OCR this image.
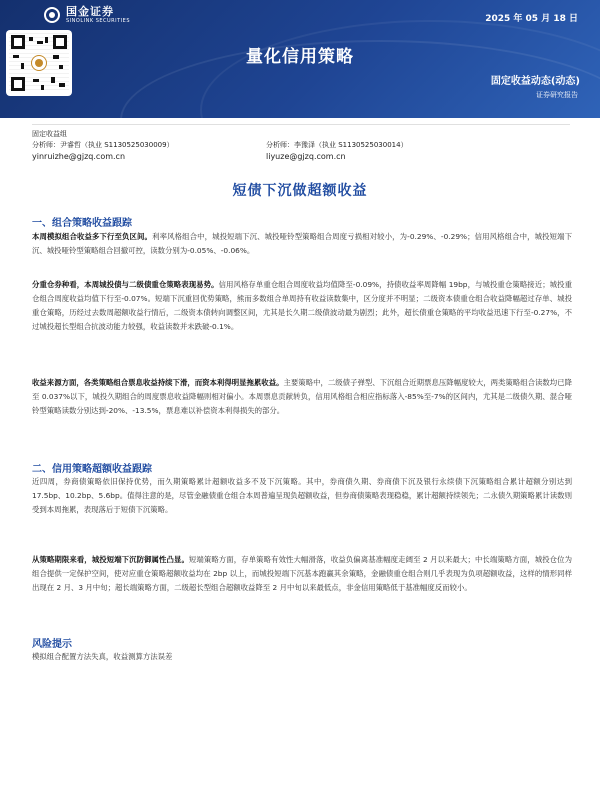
国金证券
SINOLINK SECURITIES	2025 年 05 月 18 日
量化信用策略
固定收益动态(动态)
证券研究报告
固定收益组
分析师：尹睿哲（执业 S1130525030009）	分析师：李豫泽（执业 S1130525030014）
yinruizhe@gjzq.com.cn	liyuze@gjzq.com.cn
短债下沉做超额收益
一、组合策略收益跟踪
本周模拟组合收益多下行至负区间。利率风格组合中，城投短端下沉、城投哑铃型策略组合周度亏损相对较小，为-0.29%、-0.29%；信用风格组合中，城投短端下沉、城投哑铃型策略组合回撤可控，读数分别为-0.05%、-0.06%。
分重仓券种看，本周城投债与二级债重仓策略表现易势。信用风格存单重仓组合周度收益均值降至-0.09%，持债收益率周降幅 19bp，与城投重仓策略接近；城投重仓组合周度收益均值下行至-0.07%。短端下沉重回优势策略，熊而多数组合单周持有收益读数集中，区分度并不明显；二级资本债重仓组合收益降幅超过存单、城投重仓策略，历经过去数周超额收益行情后，二级资本债转向调整区间，尤其是长久期二级债波动最为剧烈；此外，超长债重仓策略的平均收益迅速下行至-0.27%，不过城投超长型组合抗波动能力较强，收益读数并未跌破-0.1%。
收益来源方面，各类策略组合票息收益持续下滑，而资本利得明显拖累收益。主要策略中，二级债子弹型、下沉组合近期票息压降幅度较大，两类策略组合读数均已降至 0.037%以下，城投久期组合的周度票息收益降幅则相对偏小。本周票息贡献转负，信用风格组合相应指标落入-85%至-7%的区间内，尤其是二级债久期、混合哑铃型策略读数分别达到-20%、-13.5%，票息难以补偿资本利得损失的部分。
二、信用策略超额收益跟踪
近四周，券商债策略依旧保持优势，而久期策略累计超额收益多不及下沉策略。其中，券商债久期、券商债下沉及银行永续债下沉策略组合累计超额分别达到 17.5bp、10.2bp、5.6bp。值得注意的是，尽管金融债重仓组合本周普遍呈现负超额收益，但券商债策略表现稳稳，累计超额持续领先；二永债久期策略累计读数则受到本周拖累，表现落后于短债下沉策略。
从策略期限来看，城投短端下沉防御属性凸显。短端策略方面，存单策略有效性大幅滑落，收益负偏离基准幅度走阔至 2 月以来最大；中长端策略方面，城投仓位为组合提供一定保护空间，使对应重仓策略超额收益均在 2bp 以上，而城投短端下沉基本跑赢其余策略，金融债重仓组合则几乎表现为负项超额收益，这样的情形同样出现在 2 月、3 月中旬；超长端策略方面，二级超长型组合超额收益降至 2 月中旬以来最低点，非金信用策略低于基准幅度反而较小。
风险提示
模拟组合配置方法失真，收益测算方法误差
